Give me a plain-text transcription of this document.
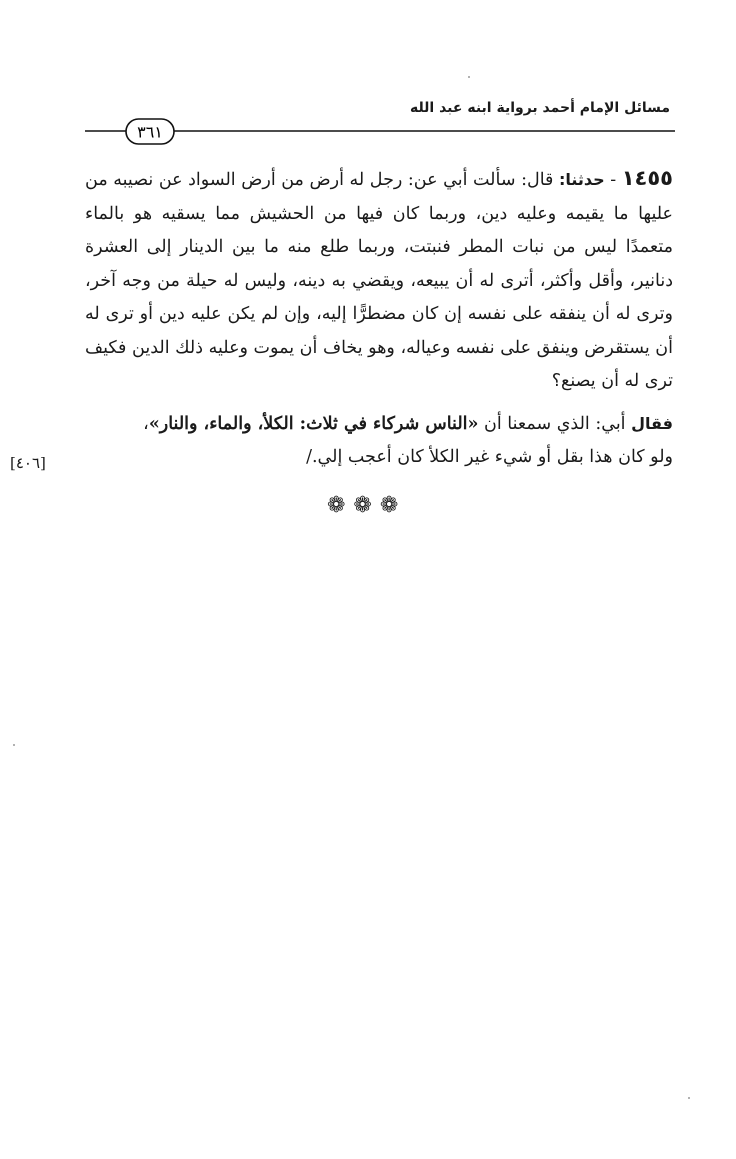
مسائل الإمام أحمد برواية ابنه عبد الله
٣٦١

١٤٥٥ - حدثنا: قال: سألت أبي عن: رجل له أرض من أرض السواد عن نصيبه من عليها ما يقيمه وعليه دين، وربما كان فيها من الحشيش مما يسقيه هو بالماء متعمدًا ليس من نبات المطر فنبتت، وربما طلع منه ما بين الدينار إلى العشرة دنانير، وأقل وأكثر، أترى له أن يبيعه، ويقضي به دينه، وليس له حيلة من وجه آخر، وترى له أن ينفقه على نفسه إن كان مضطرًّا إليه، وإن لم يكن عليه دين أو ترى له أن يستقرض وينفق على نفسه وعياله، وهو يخاف أن يموت وعليه ذلك الدين فكيف ترى له أن يصنع؟

فقال أبي: الذي سمعنا أن «الناس شركاء في ثلاث: الكلأ، والماء، والنار»،
ولو كان هذا بقل أو شيء غير الكلأ كان أعجب إلي./

[٤٠٦]
❁❁❁
